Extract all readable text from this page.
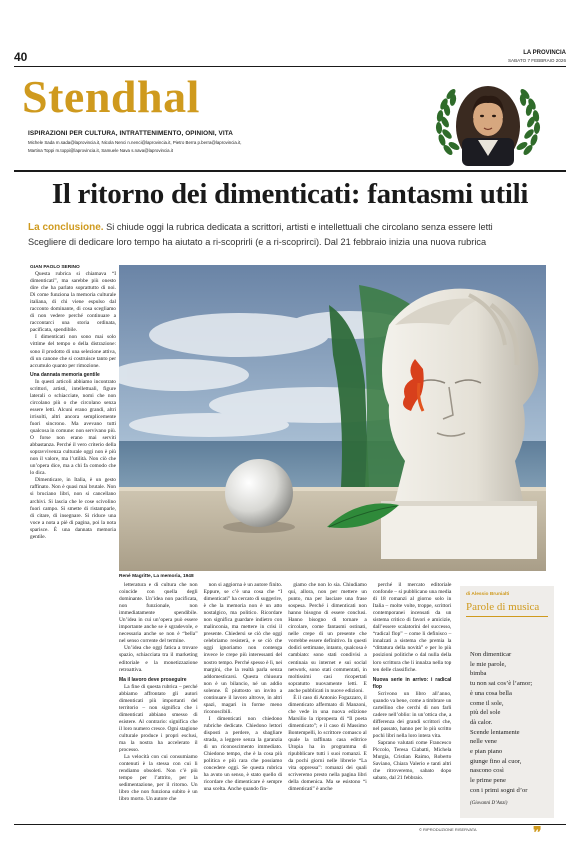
40	LA PROVINCIA
SABATO 7 FEBBRAIO 2026
Stendhal
ISPIRAZIONI PER CULTURA, INTRATTENIMENTO, OPINIONI, VITA
Michele Sada m.sada@laprovincia.it, Nicola Nenci n.nenci@laprovincia.it, Pietro Berra p.berra@laprovincia.it,
Martina Toppi m.toppi@laprovincia.it, Samuele Nava s.nava@laprovincia.it
Il ritorno dei dimenticati: fantasmi utili
La conclusione. Si chiude oggi la rubrica dedicata a scrittori, artisti e intellettuali che circolano senza essere letti
Scegliere di dedicare loro tempo ha aiutato a ri-scoprirli (e a ri-scoprirci). Dal 21 febbraio inizia una nuova rubrica
GIAN PAOLO SERINO

Questa rubrica si chiamava “I dimenticati”, ma sarebbe più onesto dire che ha parlato soprattutto di noi. Di come funziona la memoria culturale italiana, di chi viene espulso dal racconto dominante, di cosa scegliamo di non vedere perché continuare a raccontarci una storia ordinata, pacificata, spendibile.

I dimenticati non sono mai solo vittime del tempo o della distrazione: sono il prodotto di una selezione attiva, di un canone che si costruisce tanto per accumulo quanto per rimozione.

Una dannata memoria gentile

In questi articoli abbiamo incontrato scrittori, artisti, intellettuali, figure laterali o schiacciate, nomi che non circolano più o che circolano senza essere letti. Alcuni erano grandi, altri irrisolti, altri ancora semplicemente fuori sincrono. Ma avevano tutti qualcosa in comune: non servivano più. O forse non erano mai serviti abbastanza. Perché il vero criterio della sopravvivenza culturale oggi non è più non il valore, ma l’utilità. Non ciò che un’opera dice, ma a chi fa comodo che lo dica.

Dimenticare, in Italia, è un gesto raffinato. Non è quasi mai brutale. Non si bruciano libri, non si cancellano archivi. Si lascia che le cose scivolino fuori campo. Si smette di ristamparle, di citare, di insegnare. Si riduce una voce a nota a piè di pagina, poi la nota sparisce. È una dannata memoria gentile.

René Magritte, La memoria, 1948

letteratura e di cultura che non coincide con quella degli dominante. Un’idea non pacificata, non funzionale, non immediatamente spendibile. Un’idea in cui un’opera può essere importante anche se è sgradevole, e necessaria anche se non è “bella” nel senso corrente del termine.

Un’idea che oggi fatica a trovare spazio, schiacciata tra il marketing editoriale e la monetizzazione retroattiva.

Ma il lavoro deve proseguire

La fine di questa rubrica – perché abbiamo affrontato gli autori dimenticati più importanti del territorio – non significa che i dimenticati abbiano smesso di esistere. Al contrario: significa che il loro numero cresce. Ogni stagione culturale produce i propri esclusi, ma la nostra ha accelerato il processo.

La velocità con cui consumiamo contenuti è la stessa con cui li rendiamo obsoleti. Non c’è più tempo per l’attrito, per la sedimentazione, per il ritorno. Un libro che non funziona subito è un libro morto. Un autore che

non si aggiorna è un autore finito. Eppure, se c’è una cosa che “I dimenticati” ha cercato di suggerire, è che la memoria non è un atto nostalgico, ma politico. Ricordare non significa guardare indietro con malinconia, ma mettere in crisi il presente. Chiedersi se ciò che oggi celebriamo resisterà, e se ciò che oggi ignoriamo non contenga invece le crepe più interessanti del nostro tempo. Perché spesso è lì, nei margini, che la realtà parla senza addomesticarsi. Questa chiusura non è un bilancio, né un addio solenne. È piuttosto un invito a continuare il lavoro altrove, in altri spazi, magari in forme meno riconoscibili.

I dimenticati non chiedono rubriche dedicate. Chiedono lettori disposti a perdere, a sbagliare strada, a leggere senza la garanzia di un riconoscimento immediato. Chiedono tempo, che è la cosa più politica e più rara che possiamo concedere oggi. Se questa rubrica ha avuto un senso, è stato quello di ricordare che dimenticare è sempre una scelta. Anche quando fin-

giamo che non lo sia. Chiudiamo qui, allora, non per mettere un punto, ma per lasciare una frase sospesa. Perché i dimenticati non hanno bisogno di essere conclusi. Hanno bisogno di tornare a circolare, come fantasmi ostinati, nelle crepe di un presente che vorrebbe essere definitivo. In questi dodici settimane, intanto, qualcosa è cambiato: sono stati condivisi a centinaia su internet e sui social network, sono stati commentati, in moltissimi casi ricopertati sopratutto nuovamente letti. E anche pubblicati in nuove edizioni.

È il caso di Antonio Fogazzaro, il dimenticato affermato di Manzoni, che vede in una nuova edizione Marsilio la ripropesta di “Il poeta dimenticato”; e il caso di Massimo Bontempelli, lo scrittore comasco al quale la raffinata casa editrice Utopia ha in programma di ripubblicare tutti i suoi romanzi. E da pochi giorni nelle librerie “La vita oppressa”: romanzi dei quali scriveremo presto nella pagina libri della domenica. Ma se esistono “i dimenticati” è anche

perché il mercato editoriale confonde – si pubblicano una media di 18 romanzi al giorno solo in Italia – molte volte, troppe, scrittori contemporanei incensati da un sistema critico di favori e amicizie, dall’essere scalatorini del successo, “radical flop” – come li definisco – innalzati a sistema che premia la “dittatura della novità” e per lo più posizioni politiche o dal nulla della loro scrittura che li innalza nella top ten delle classifiche.

Nuova serie in arrivo: i radical flop

Scrivono un libro all’anno, quando va bene, come a timbrare un cartellino che cerchi di non farli cadere nell’oblio: in un’ottica che, a differenza dei grandi scrittori che, nel passato, hanno per lo più scritto pochi libri nella loro intera vita.

Saprano valutati come Francesco Piccolo, Teresa Ciabatti, Michela Murgia, Cristian Raimo, Roberto Saviano, Chiara Valerio e tanti altri che ritroveremo, sabato dopo sabato, dal 21 febbraio.

di Alessio Brunialti
Parole di musica
Non dimenticar
le mie parole,
bimba
tu non sai cos’è l’amor;
è una cosa bella
come il sole,
più del sole
dà calor.
Scende lentamente
nelle vene
e pian piano
giunge fino al cuor,
nascono così
le prime pene
con i primi sogni d’or
(Giovanni D’Anzi)
© RIPRODUZIONE RISERVATA	❞
